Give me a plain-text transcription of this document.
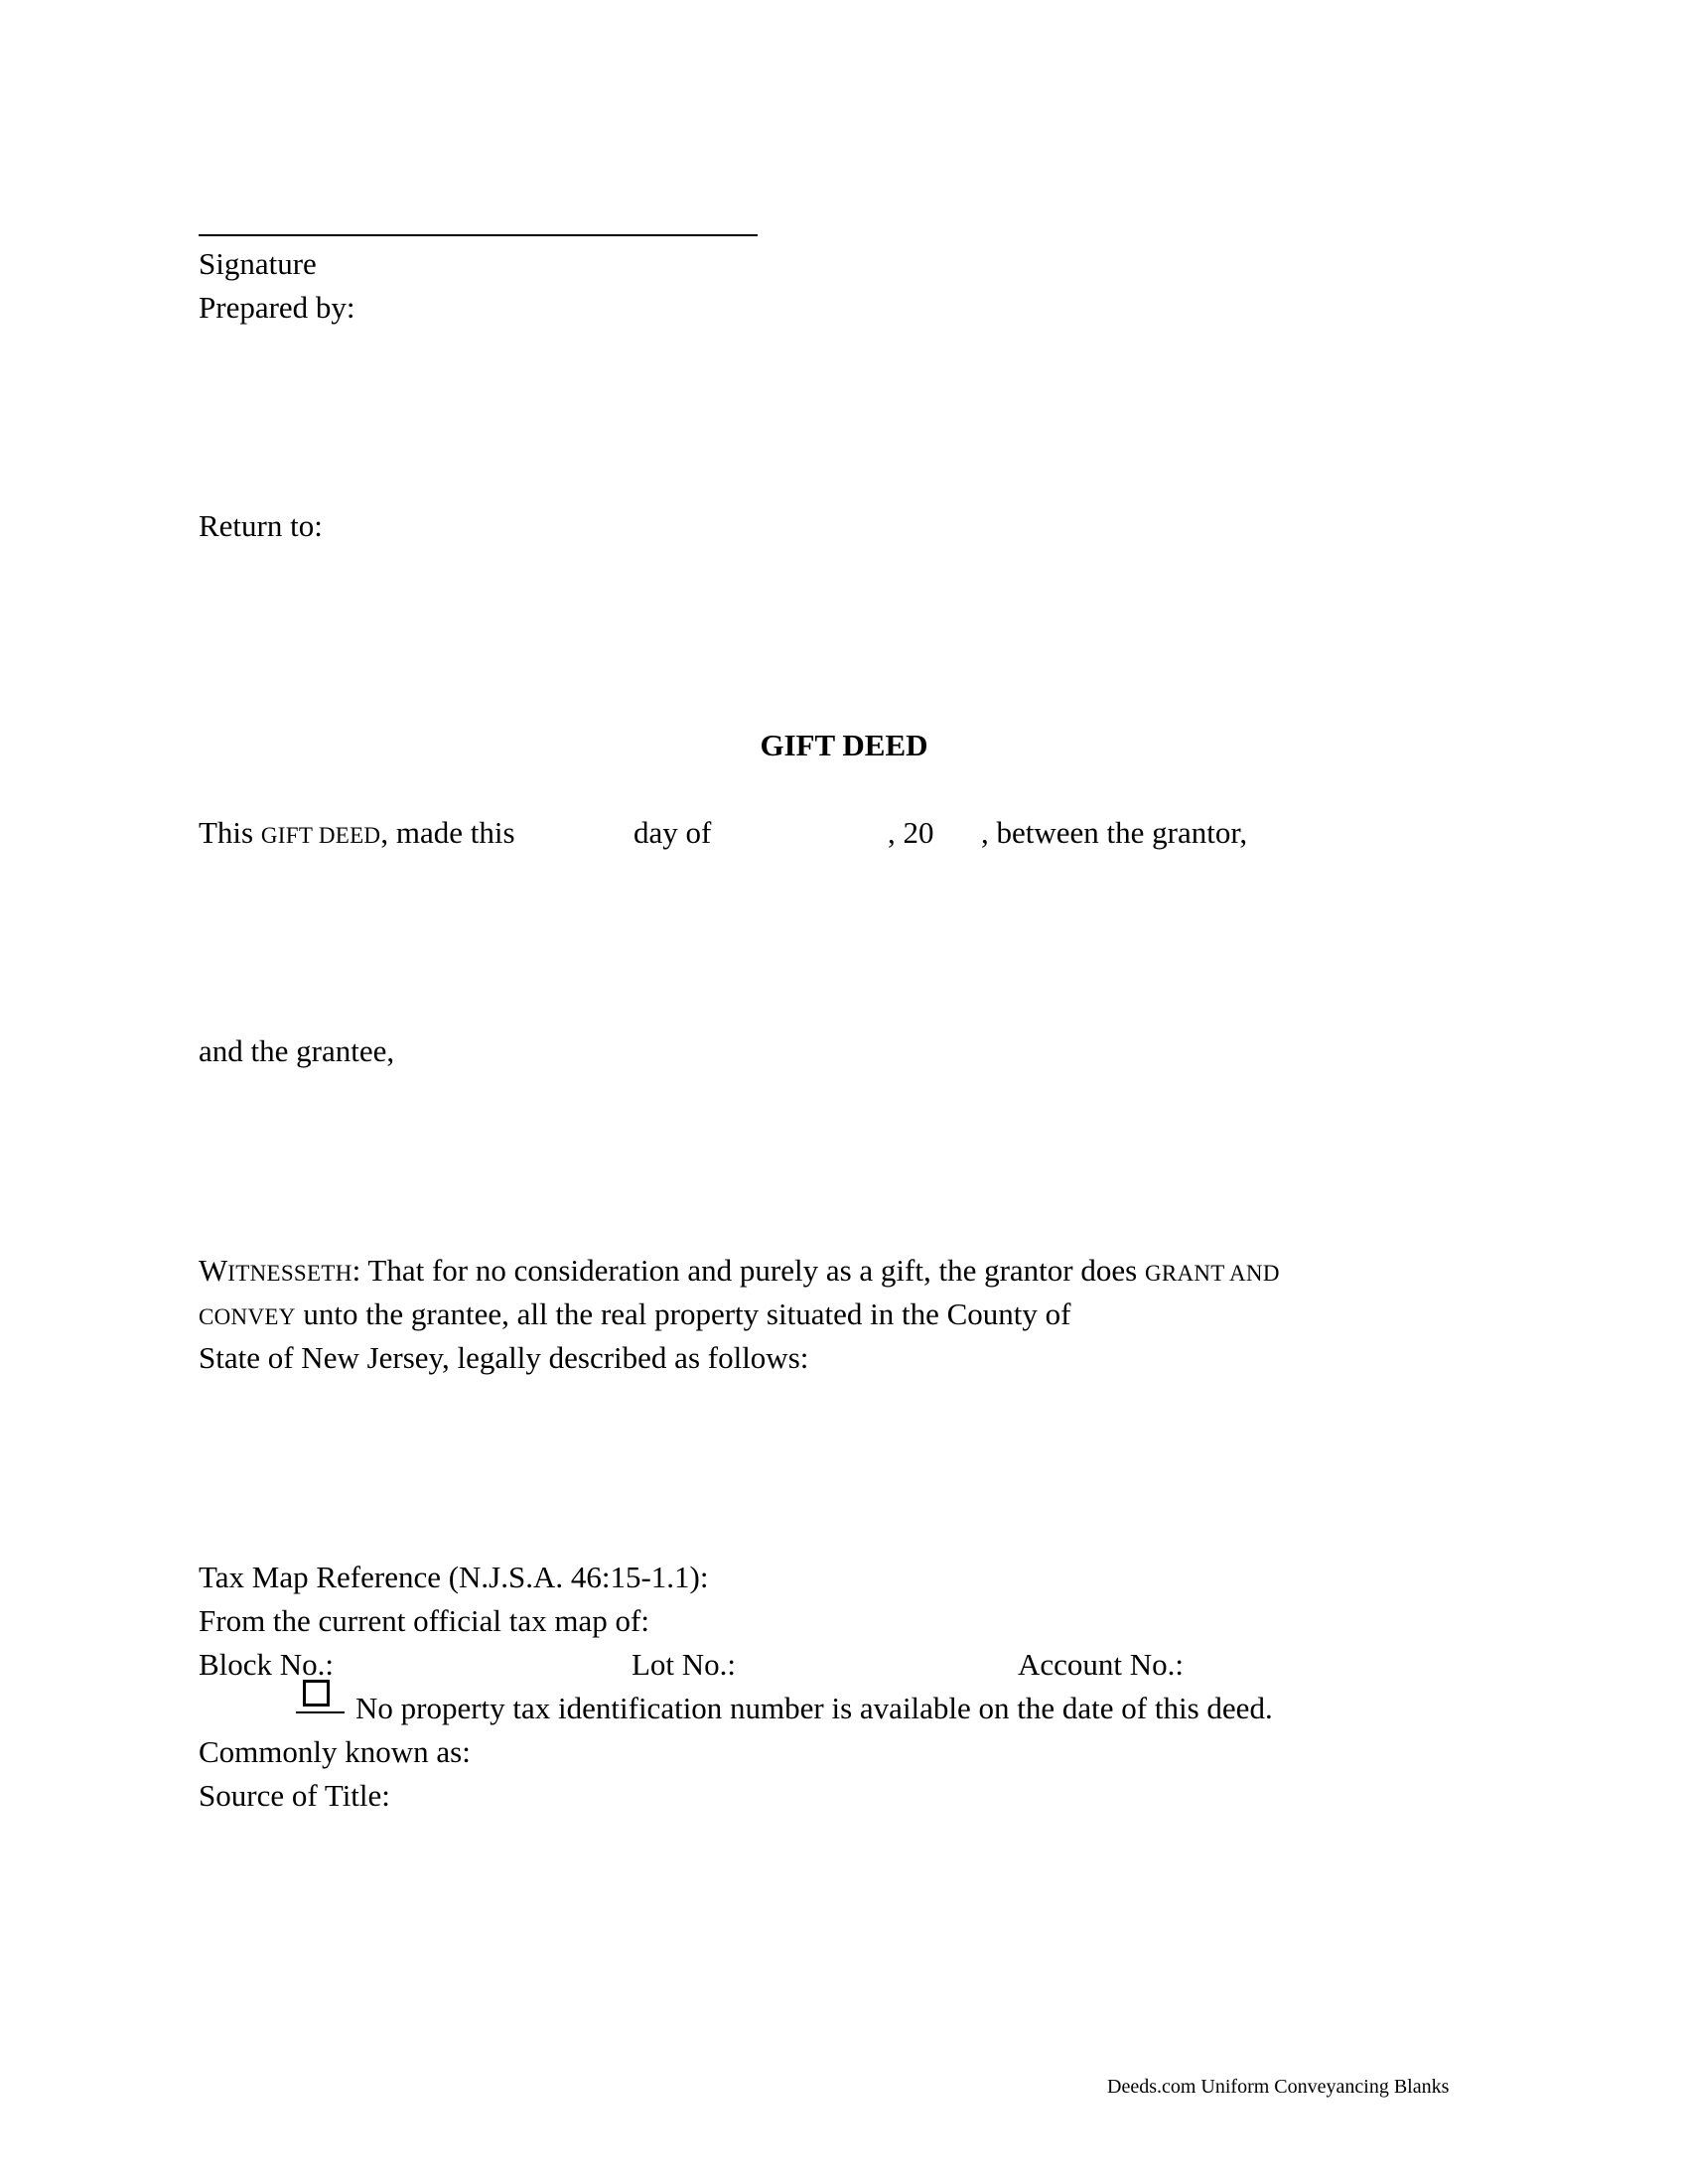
Signature
Prepared by:
Return to:
GIFT DEED
This GIFT DEED, made this	day of	, 20 , between the grantor,
and the grantee,
WITNESSETH: That for no consideration and purely as a gift, the grantor does GRANT AND
CONVEY unto the grantee, all the real property situated in the County of
State of New Jersey, legally described as follows:
Tax Map Reference (N.J.S.A. 46:15-1.1):
From the current official tax map of:
Block No.:	Lot No.:	Account No.:
No property tax identification number is available on the date of this deed.
Commonly known as:
Source of Title:
Deeds.com Uniform Conveyancing Blanks
